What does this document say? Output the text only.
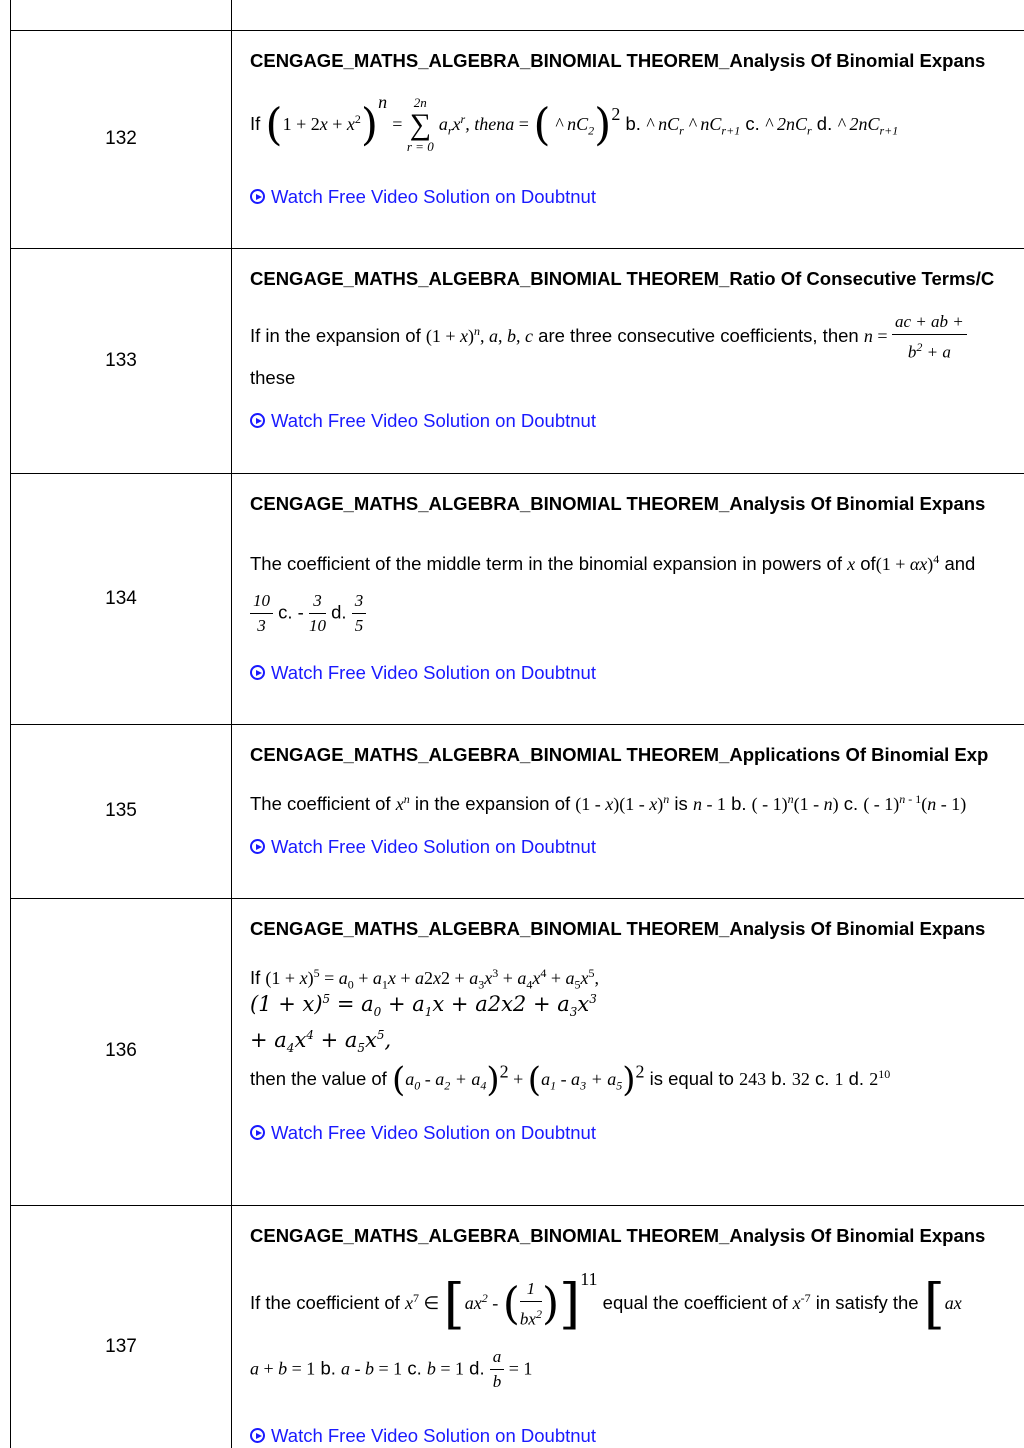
132
CENGAGE_MATHS_ALGEBRA_BINOMIAL THEOREM_Analysis Of Binomial Expans
If $(1 + 2x + x^2)^n$ =
2n
∑
r = 0
$a_rx^r$, thena = ( ^ $nC_2)^2$ b. ^ $nC_r$ ^ $nC_{r+1}$ c. ^ $2nC_r$ d. ^ $2nC_{r+1}$
Watch Free Video Solution on Doubtnut
133
CENGAGE_MATHS_ALGEBRA_BINOMIAL THEOREM_Ratio Of Consecutive Terms/C
If in the expansion of $(1 + x)^n$, a, b, c are three consecutive coefficients, then $n = \frac{ac + ab +}{b^2 + a}$
these
Watch Free Video Solution on Doubtnut
134
CENGAGE_MATHS_ALGEBRA_BINOMIAL THEOREM_Analysis Of Binomial Expans
The coefficient of the middle term in the binomial expansion in powers of x $of(1 + \alpha x)^4$ and
$\frac{10}{3} c$. - $\frac{3}{10} d$. $\frac{3}{5}$
Watch Free Video Solution on Doubtnut
135
CENGAGE_MATHS_ALGEBRA_BINOMIAL THEOREM_Applications Of Binomial Exp
The coefficient of $x^n$ in the expansion of (1 - x)(1 - x)$^n$ is n - 1 b. ( - 1)$^n$(1 - n) c. ( - 1)$^{n - 1}$(n - 1)
Watch Free Video Solution on Doubtnut
136
CENGAGE_MATHS_ALGEBRA_BINOMIAL THEOREM_Analysis Of Binomial Expans
If $(1 + x)^5 = a_0 + a_1x + a2x2 + a_3x^3 + a_4x^4 + a_5x^5$,
$(1 + x)^5 = a_0 + a_1x + a2x2 + a_3x^3$
+ $a_4x^4 + a_5x^5$,
then the value of $(a_0 - a_2 + a_4)^2 + (a_1 - a_3 + a_5)^2$ is equal to 243 b. 32 c. 1 d. $2^{10}$
Watch Free Video Solution on Doubtnut
137
CENGAGE_MATHS_ALGEBRA_BINOMIAL THEOREM_Analysis Of Binomial Expans
If the coefficient of $x^7$ ∈ [$ax^2$ - ( $\frac{1}{bx^2} )]^{11}$ equal the coefficient of $x^{-7}$ in satisfy the [ax
a + b = 1 b. a - b = 1 c. b = 1 d. $\frac{a}{b} = 1$
Watch Free Video Solution on Doubtnut
